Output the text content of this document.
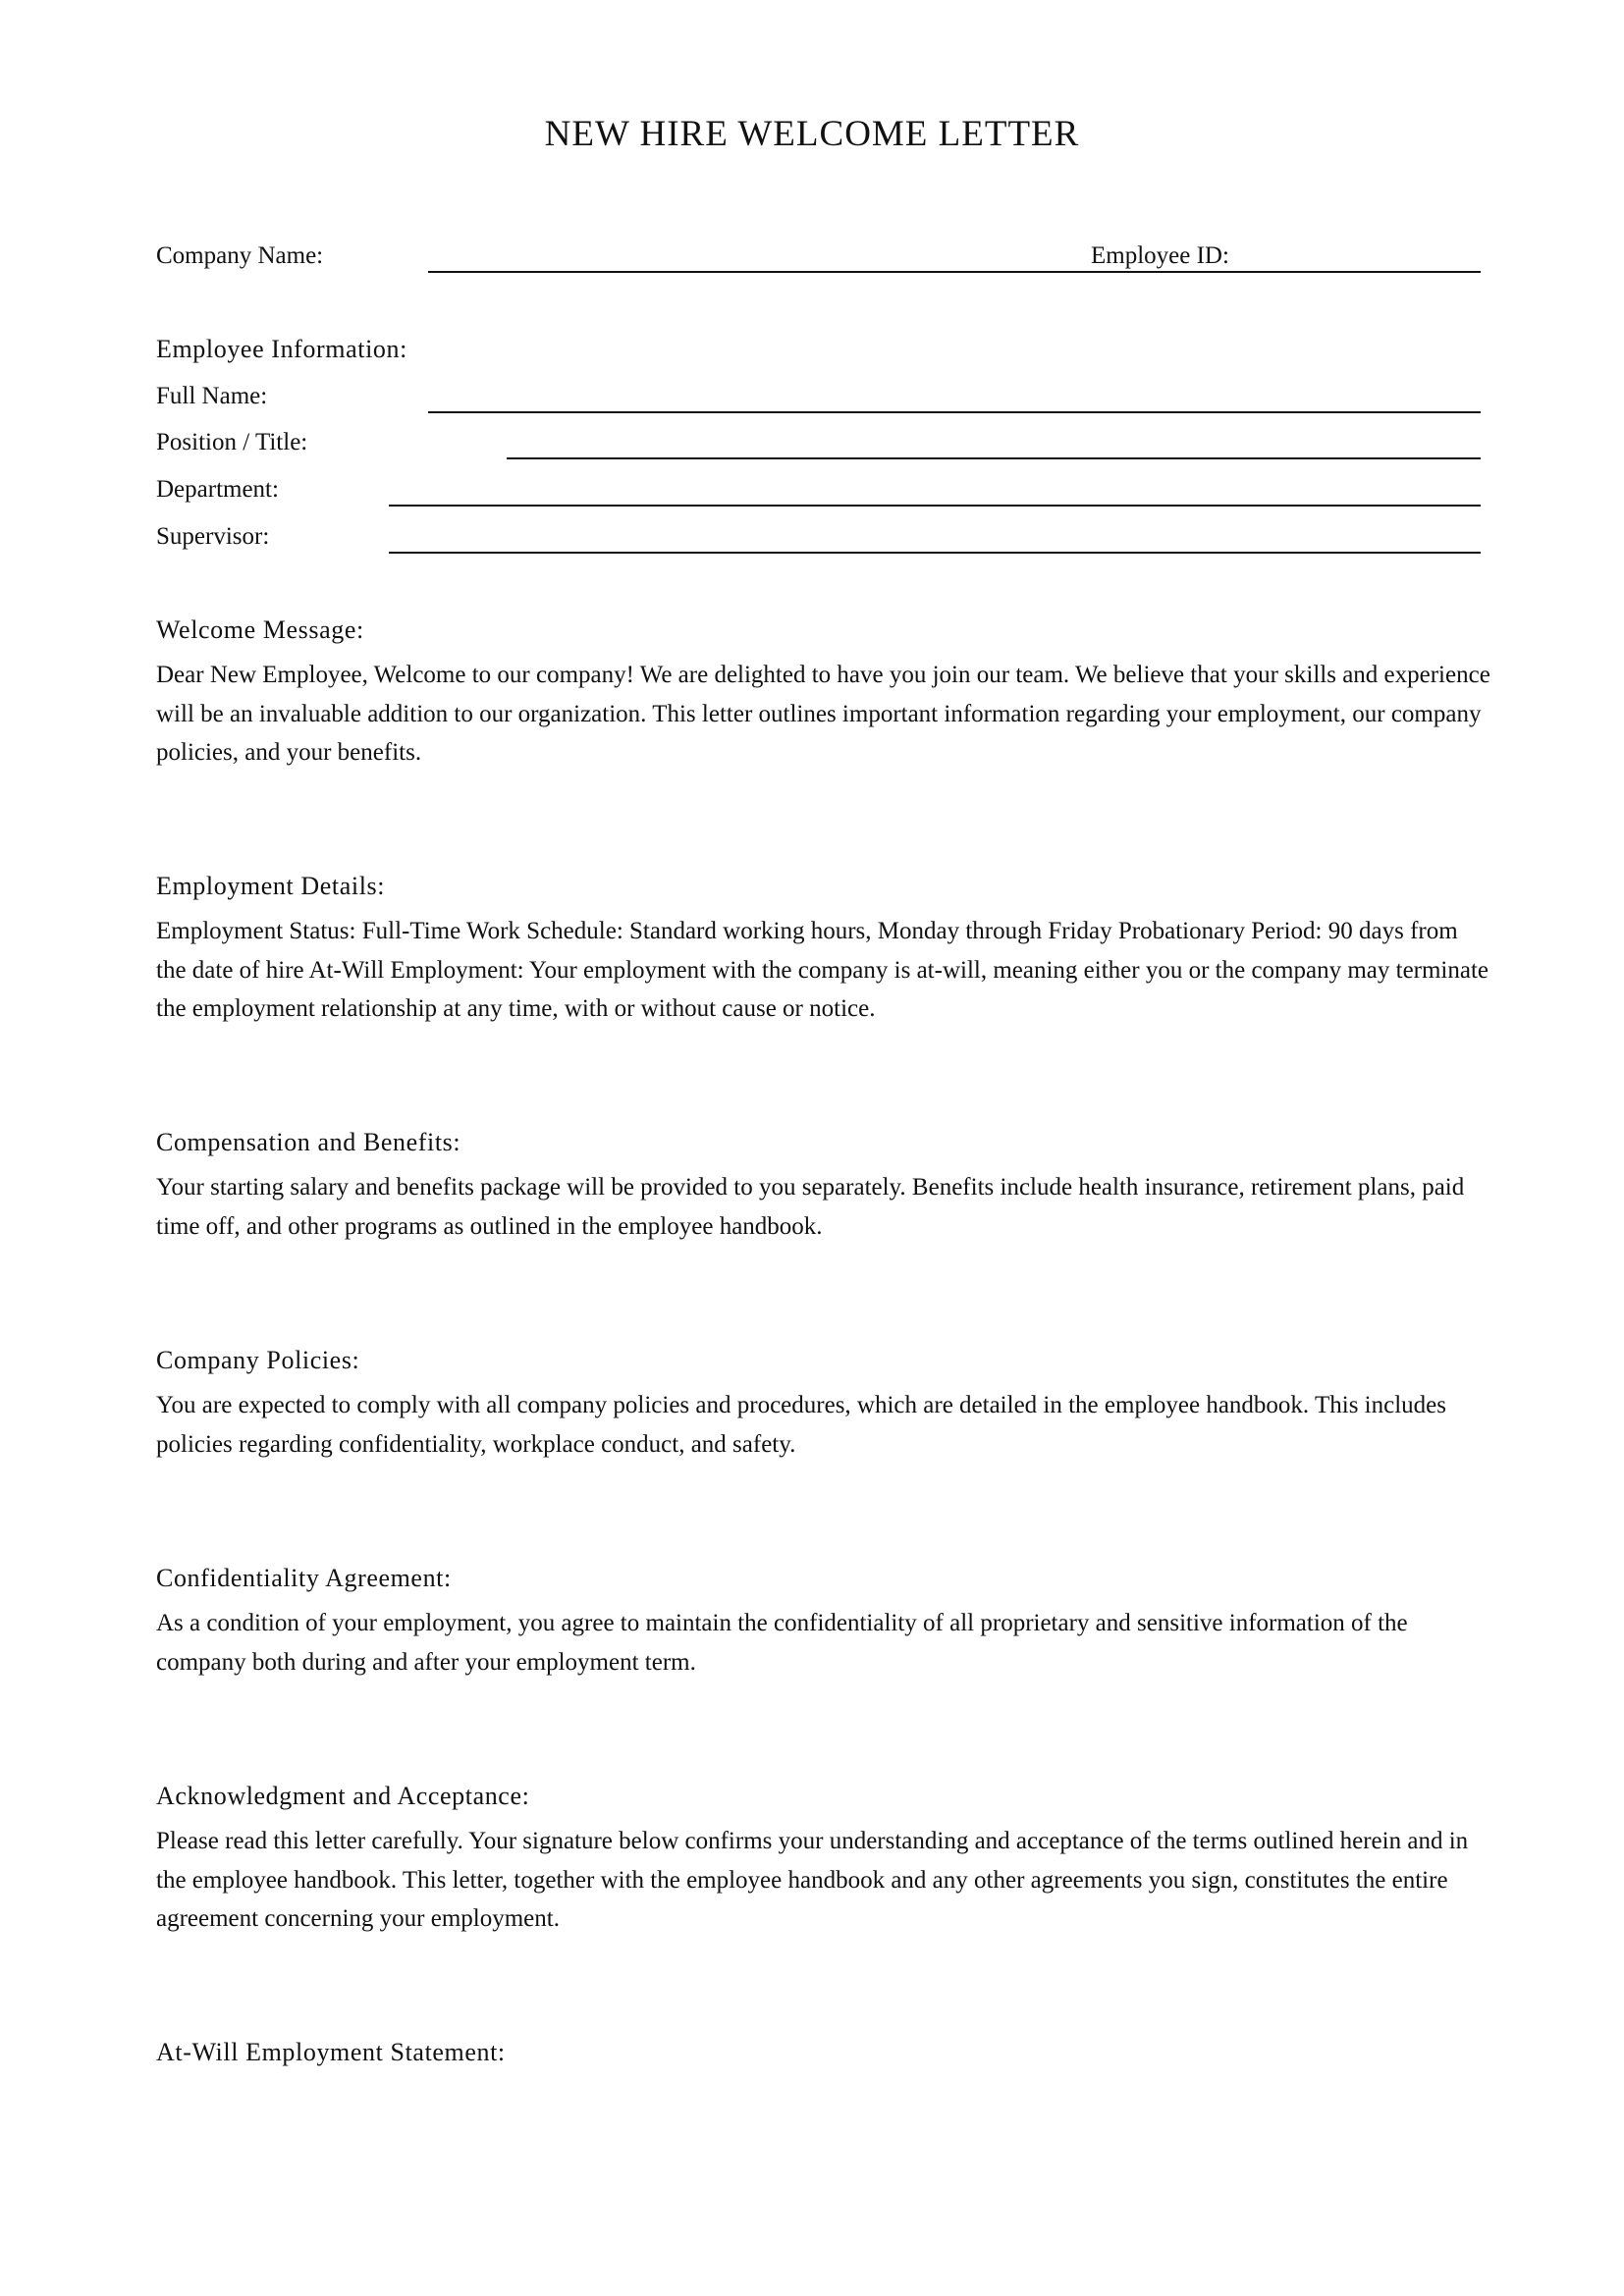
NEW HIRE WELCOME LETTER
Company Name:	Employee ID:
Employee Information:
Full Name:
Position / Title:
Department:
Supervisor:
Welcome Message:

Dear New Employee, Welcome to our company! We are delighted to have you join our team. We believe that your skills and experience will be an invaluable addition to our organization. This letter outlines important information regarding your employment, our company policies, and your benefits.

Employment Details:

Employment Status: Full-Time Work Schedule: Standard working hours, Monday through Friday Probationary Period: 90 days from the date of hire At-Will Employment: Your employment with the company is at-will, meaning either you or the company may terminate the employment relationship at any time, with or without cause or notice.

Compensation and Benefits:

Your starting salary and benefits package will be provided to you separately. Benefits include health insurance, retirement plans, paid time off, and other programs as outlined in the employee handbook.

Company Policies:

You are expected to comply with all company policies and procedures, which are detailed in the employee handbook. This includes policies regarding confidentiality, workplace conduct, and safety.

Confidentiality Agreement:

As a condition of your employment, you agree to maintain the confidentiality of all proprietary and sensitive information of the company both during and after your employment term.

Acknowledgment and Acceptance:

Please read this letter carefully. Your signature below confirms your understanding and acceptance of the terms outlined herein and in the employee handbook. This letter, together with the employee handbook and any other agreements you sign, constitutes the entire agreement concerning your employment.

At-Will Employment Statement:
